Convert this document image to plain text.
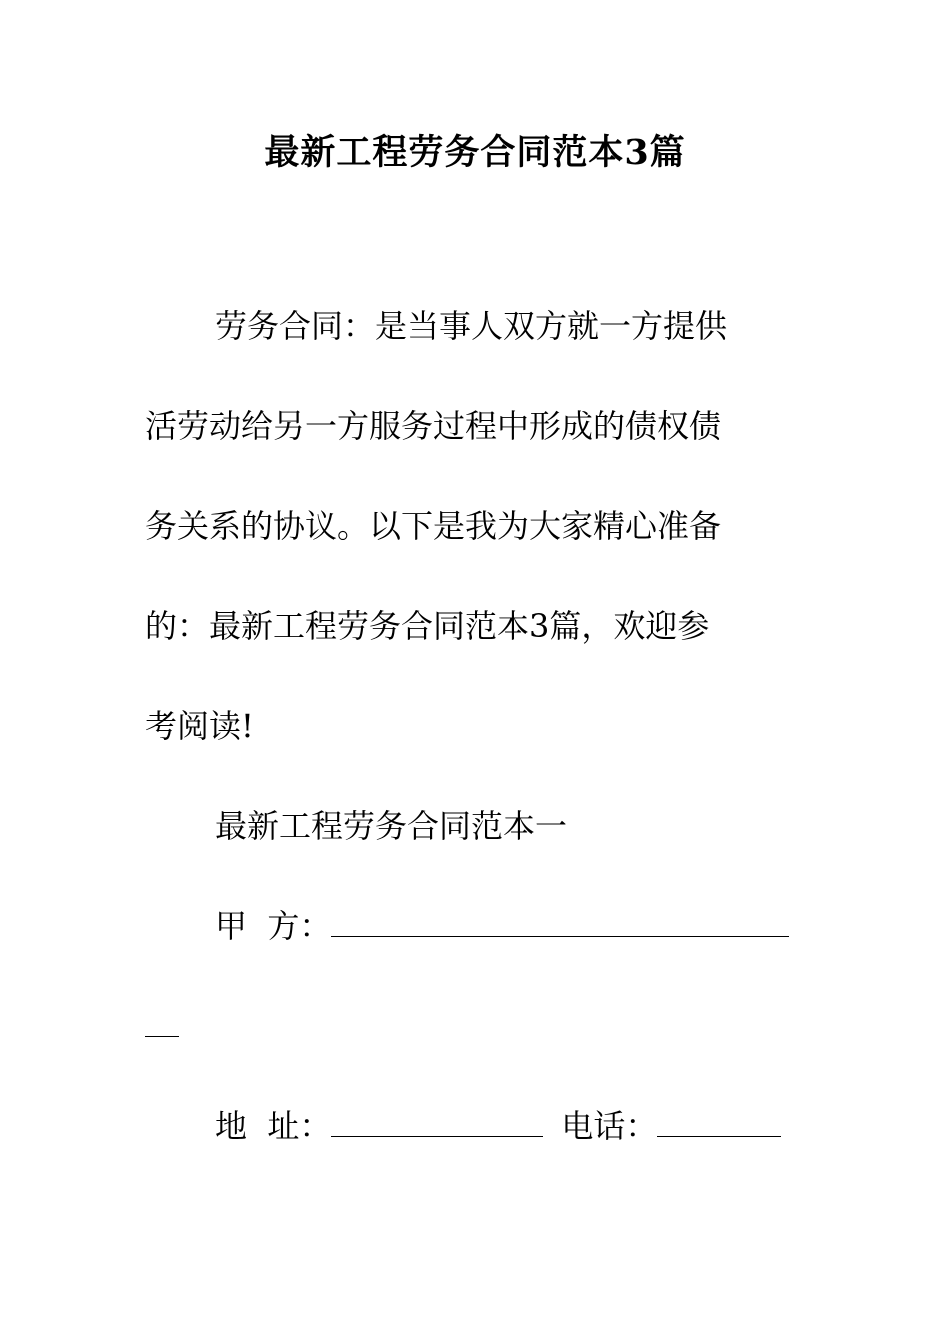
最新工程劳务合同范本3篇

劳务合同：是当事人双方就一方提供

活劳动给另一方服务过程中形成的债权债

务关系的协议。以下是我为大家精心准备

的：最新工程劳务合同范本3篇，欢迎参

考阅读!

最新工程劳务合同范本一

甲  方：

地  址：	电话：
